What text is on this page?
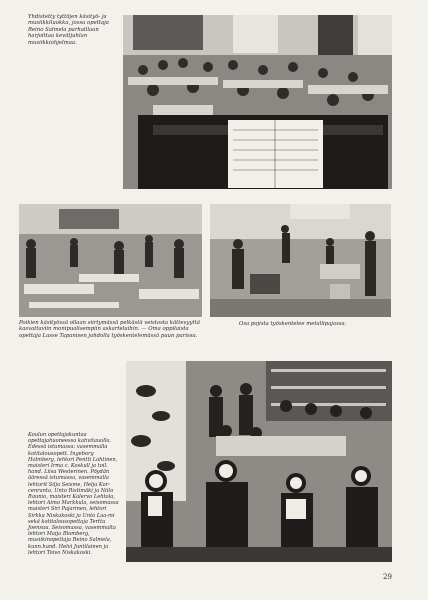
Yhdistetty tyttöjen käsityö- ja musiikkiluokka, jossa opettaja Reino Salmela parhaillaan harjoittaa kevätjuhlan musiikkiohjelmaa.
Poikien käsityössä ollaan siirtymässä pelkästä veistosta kättevyyttä kasvattaviin monipuolisempiin askarteluihin. — Oma oppilaista opettaja Lasse Tapanisen johdolla työskentelemässä puun parissa.
Osa pojista työskentelee metallipajassa.
Koulun opettajakuntaa opettajahuoneessa kahvitauolla. Edessä istumassa: vasemmalla kotitalousopett. Ingeborg Holmberg, lehtori Pentti Lahtinen, maisteri Irma c. Koskull ja toil. hand. Liisa Westerinen. Pöydän ääressä istumassa, vasemmalla lehtorit Siljа Seisme, Helja Kor-cenranta, Unto Ristimäki ja Niilo Raunio, maisteri Kalervo Lehtola, lehtori Aimo Markkula, seisomassa maisteri Siri Pajarinen, lehtori Sirkka Niskakoski ja Unto Laa-mi sekä kotitalousopettaja Terttu Joensuu. Seisomassa, vasemmalta lehtori Maija Blomberg, musiikinopettaja Reino Salmela, kunn.hand. Helvi Juntilainen ja lehtori Toivo Niskakoski.
29
